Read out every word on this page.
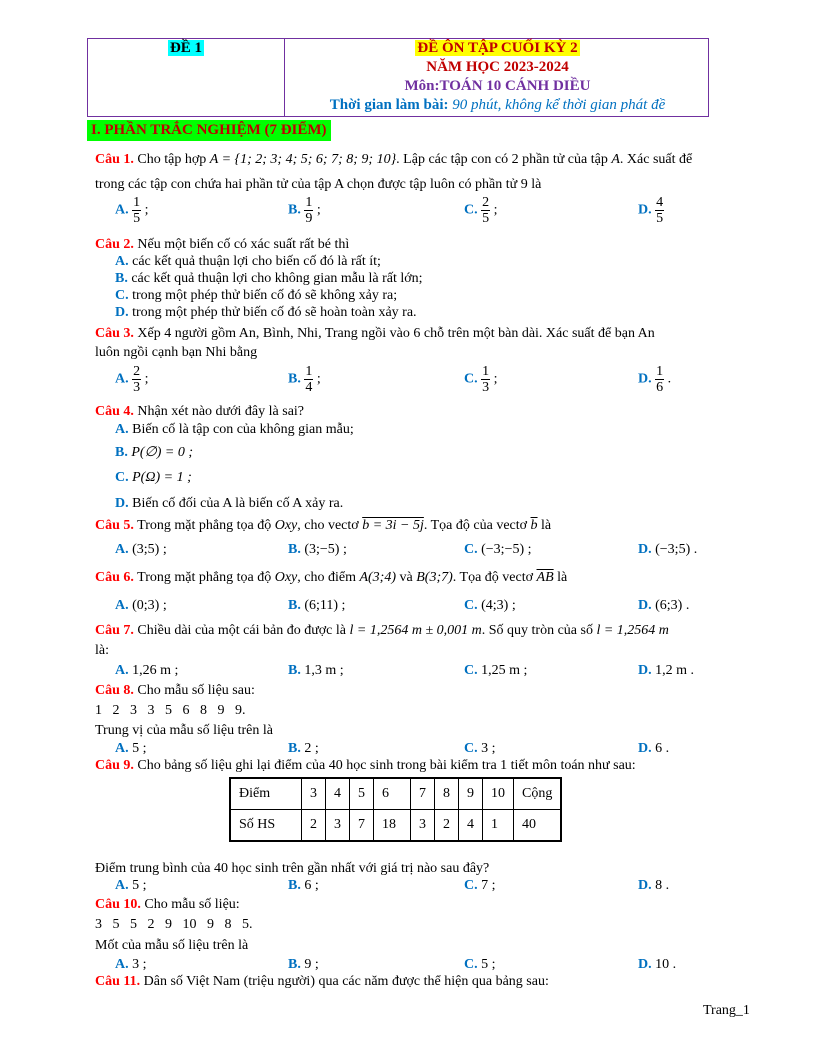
ĐỀ 1	ĐỀ ÔN TẬP CUỐI KỲ 2
NĂM HỌC 2023-2024
Môn:TOÁN 10 CÁNH DIỀU
Thời gian làm bài: 90 phút, không kể thời gian phát đề
I. PHẦN TRẮC NGHIỆM (7 ĐIỂM)
Câu 1. Cho tập hợp A = {1; 2; 3; 4; 5; 6; 7; 8; 9; 10}. Lập các tập con có 2 phần tử của tập A. Xác suất để
trong các tập con chứa hai phần tử của tập A chọn được tập luôn có phần tử 9 là
A. $\frac{1}{5}$ ;	B. $\frac{1}{9}$ ;	C. $\frac{2}{5}$ ;	D. $\frac{4}{5}$
Câu 2. Nếu một biến cố có xác suất rất bé thì
A. các kết quả thuận lợi cho biến cố đó là rất ít;
B. các kết quả thuận lợi cho không gian mẫu là rất lớn;
C. trong một phép thử biến cố đó sẽ không xảy ra;
D. trong một phép thử biến cố đó sẽ hoàn toàn xảy ra.
Câu 3. Xếp 4 người gồm An, Bình, Nhi, Trang ngồi vào 6 chỗ trên một bàn dài. Xác suất để bạn An
luôn ngồi cạnh bạn Nhi bằng
A. $\frac{2}{3}$ ;	B. $\frac{1}{4}$ ;	C. $\frac{1}{3}$ ;	D. $\frac{1}{6}$ .
Câu 4. Nhận xét nào dưới đây là sai?
A. Biến cố là tập con của không gian mẫu;
B. P(∅) = 0 ;
C. P(Ω) = 1 ;
D. Biến cố đối của A là biến cố A xảy ra.
Câu 5. Trong mặt phẳng tọa độ Oxy, cho vectơ b = 3i − 5j. Tọa độ của vectơ $\overline{b}$ là
A. (3;5) ;	B. (3;−5) ;	C. (−3;−5) ;	D. (−3;5) .
Câu 6. Trong mặt phẳng tọa độ Oxy, cho điểm A(3;4) và B(3;7). Tọa độ vectơ $\overline{AB}$ là
A. (0;3) ;	B. (6;11) ;	C. (4;3) ;	D. (6;3) .
Câu 7. Chiều dài của một cái bản đo được là l = 1,2564 m ± 0,001 m. Số quy tròn của số l = 1,2564 m
là:
A. 1,26 m ;	B. 1,3 m ;	C. 1,25 m ;	D. 1,2 m .
Câu 8. Cho mẫu số liệu sau:
1   2   3   3   5   6   8   9   9.
Trung vị của mẫu số liệu trên là
A. 5 ;	B. 2 ;	C. 3 ;	D. 6 .
Câu 9. Cho bảng số liệu ghi lại điểm của 40 học sinh trong bài kiểm tra 1 tiết môn toán như sau:
Điểm	3	4	5	6	7	8	9	10	Cộng
Số HS	2	3	7	18	3	2	4	1	40
Điểm trung bình của 40 học sinh trên gần nhất với giá trị nào sau đây?
A. 5 ;	B. 6 ;	C. 7 ;	D. 8 .
Câu 10. Cho mẫu số liệu:
3   5   5   2   9   10   9   8   5.
Mốt của mẫu số liệu trên là
A. 3 ;	B. 9 ;	C. 5 ;	D. 10 .
Câu 11. Dân số Việt Nam (triệu người) qua các năm được thể hiện qua bảng sau:
Trang_1
